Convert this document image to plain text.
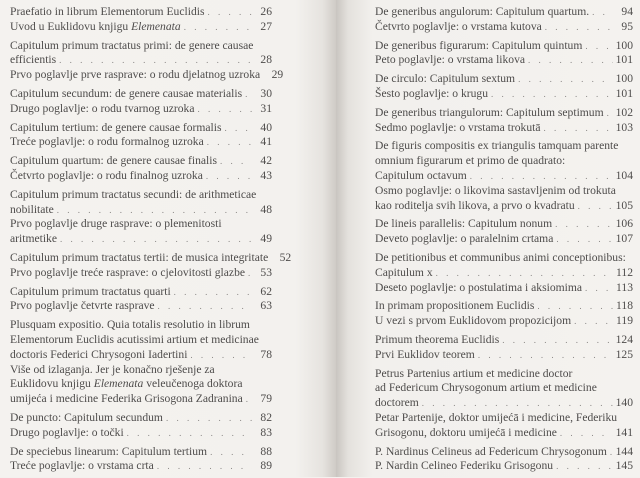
Praefatio in librum Elementorum Euclidis . . .	26
Uvod u Euklidovu knjigu Elemenata . . .	27
Capitulum primum tractatus primi: de genere causae
efficientis . . .	28
Prvo poglavlje prve rasprave: o rodu djelatnog uzroka . . . 29
Capitulum secundum: de genere causae materialis . . .	30
Drugo poglavlje: o rodu tvarnog uzroka . . .	31
Capitulum tertium: de genere causae formalis . . .	40
Treće poglavlje: o rodu formalnog uzroka . . .	41
Capitulum quartum: de genere causae finalis . . .	42
Četvrto poglavlje: o rodu finalnog uzroka . . .	43
Capitulum primum tractatus secundi: de arithmeticae
nobilitate . . .	48
Prvo poglavlje druge rasprave: o plemenitosti
aritmetike . . .	49
Capitulum primum tractatus tertii: de musica integritate . . . 52
Prvo poglavlje treće rasprave: o cjelovitosti glazbe . . .	53
Capitulum primum tractatus quarti . . .	62
Prvo poglavlje četvrte rasprave . . .	63
Plusquam expositio. Quia totalis resolutio in librum
Elementorum Euclidis acutissimi artium et medicinae
doctoris Federici Chrysogoni Iadertini . . .	78
Više od izlaganja. Jer je konačno rješenje za
Euklidovu knjigu Elemenata veleučenoga doktora
umijeća i medicine Federika Grisogona Zadranina . . .	79
De puncto: Capitulum secundum . . .	82
Drugo poglavlje: o točki . . .	83
De speciebus linearum: Capitulum tertium . . .	88
Treće poglavlje: o vrstama crta . . .	89
De generibus angulorum: Capitulum quartum. . . .	94
Četvrto poglavlje: o vrstama kutova . . .	95
De generibus figurarum: Capitulum quintum . . .	100
Peto poglavlje: o vrstama likova . . .	101
De circulo: Capitulum sextum . . .	100
Šesto poglavlje: o krugu . . .	101
De generibus triangulorum: Capitulum septimum . . . 102
Sedmo poglavlje: o vrstama trokutā . . .	103
De figuris compositis ex triangulis tamquam parente
omnium figurarum et primo de quadrato:
Capitulum octavum . . .	104
Osmo poglavlje: o likovima sastavljenim od trokuta
kao roditelja svih likova, a prvo o kvadratu . . .	105
De lineis parallelis: Capitulum nonum . . .	106
Deveto poglavlje: o paralelnim crtama . . .	107
De petitionibus et communibus animi conceptionibus:
Capitulum x . . .	112
Deseto poglavlje: o postulatima i aksiomima . . .	113
In primam propositionem Euclidis . . .	118
U vezi s prvom Euklidovom propozicijom . . .	119
Primum theorema Euclidis . . .	124
Prvi Euklidov teorem . . .	125
Petrus Partenius artium et medicine doctor
ad Federicum Chrysogonum artium et medicine
doctorem . . .	140
Petar Partenije, doktor umijećā i medicine, Federiku
Grisogonu, doktoru umijećā i medicine . . .	141
P. Nardinus Celineus ad Federicum Chrysogonum . . . 144
P. Nardin Celineo Federiku Grisogonu . . .	145
